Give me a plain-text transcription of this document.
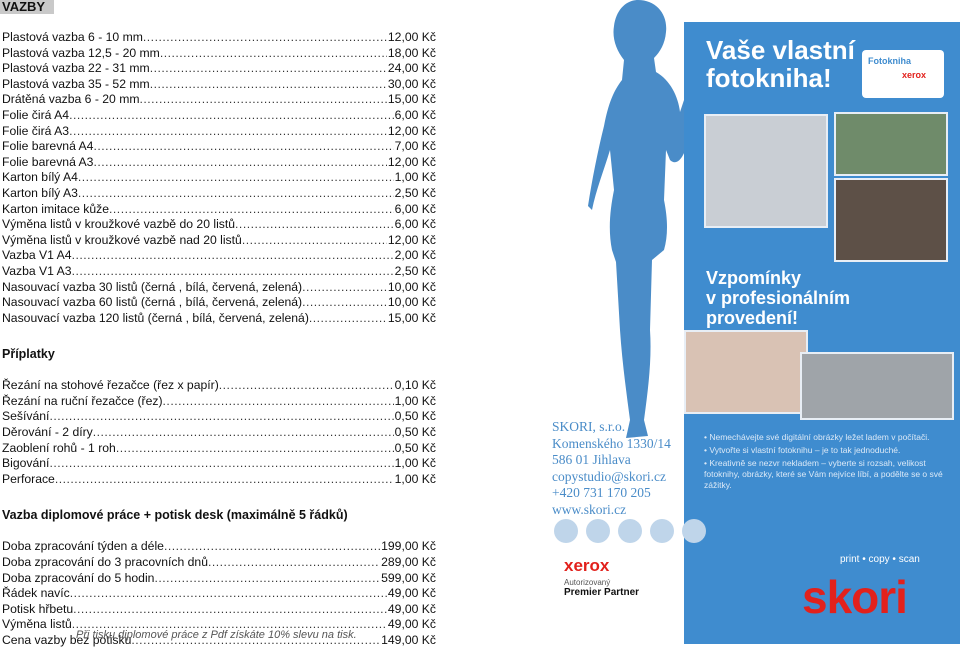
VAZBY
Plastová vazba 6 - 10 mm .....	12,00 Kč
Plastová vazba 12,5 - 20 mm .....	18,00 Kč
Plastová vazba 22 - 31 mm .....	24,00 Kč
Plastová vazba 35 - 52 mm .....	30,00 Kč
Drátěná vazba 6 - 20 mm .....	15,00 Kč
Folie čirá A4 .....	6,00 Kč
Folie čirá A3 .....	12,00 Kč
Folie barevná A4 .....	7,00 Kč
Folie barevná A3 .....	12,00 Kč
Karton bílý A4 .....	1,00 Kč
Karton bílý A3 .....	2,50 Kč
Karton imitace kůže .....	6,00 Kč
Výměna listů v kroužkové vazbě do 20 listů .....	6,00 Kč
Výměna listů v kroužkové vazbě nad 20 listů .....	12,00 Kč
Vazba V1 A4 .....	2,00 Kč
Vazba V1 A3 .....	2,50 Kč
Nasouvací vazba 30 listů (černá , bílá, červená, zelená) .....	10,00 Kč
Nasouvací vazba 60 listů (černá , bílá, červená, zelená) .....	10,00 Kč
Nasouvací vazba 120 listů (černá , bílá, červená, zelená) .....	15,00 Kč
Příplatky
Řezání na stohové řezačce (řez x papír) .....	0,10 Kč
Řezání na ruční řezačce (řez) .....	1,00 Kč
Sešívání .....	0,50 Kč
Děrování - 2 díry .....	0,50 Kč
Zaoblení rohů - 1 roh .....	0,50 Kč
Bigování .....	1,00 Kč
Perforace .....	1,00 Kč
Vazba diplomové práce + potisk desk (maximálně 5 řádků)
Doba zpracování týden a déle .....	199,00 Kč
Doba zpracování do 3 pracovních dnů .....	289,00 Kč
Doba zpracování do 5 hodin .....	599,00 Kč
Řádek navíc .....	49,00 Kč
Potisk hřbetu .....	49,00 Kč
Výměna listů .....	49,00 Kč
Cena vazby bez potisku .....	149,00 Kč
Při tisku diplomové práce z Pdf získáte 10% slevu na tisk.
Vaše vlastní
fotokniha!
Fotokniha
xerox
Vzpomínky
v profesionálním
provedení!
• Nemechávejte své digitální obrázky ležet ladem v počítači.
• Vytvořte si vlastní fotoknihu – je to tak jednoduché.
• Kreativně se nezvr nekladem – vyberte si rozsah, velikost fotoknihy, obrázky, které se Vám nejvíce líbí, a podělte se o své zážitky.
SKORI, s.r.o.
Komenského 1330/14
586 01 Jihlava
copystudio@skori.cz
+420 731 170 205
www.skori.cz
xerox
Autorizovaný
Premier Partner
print • copy • scan
skori
